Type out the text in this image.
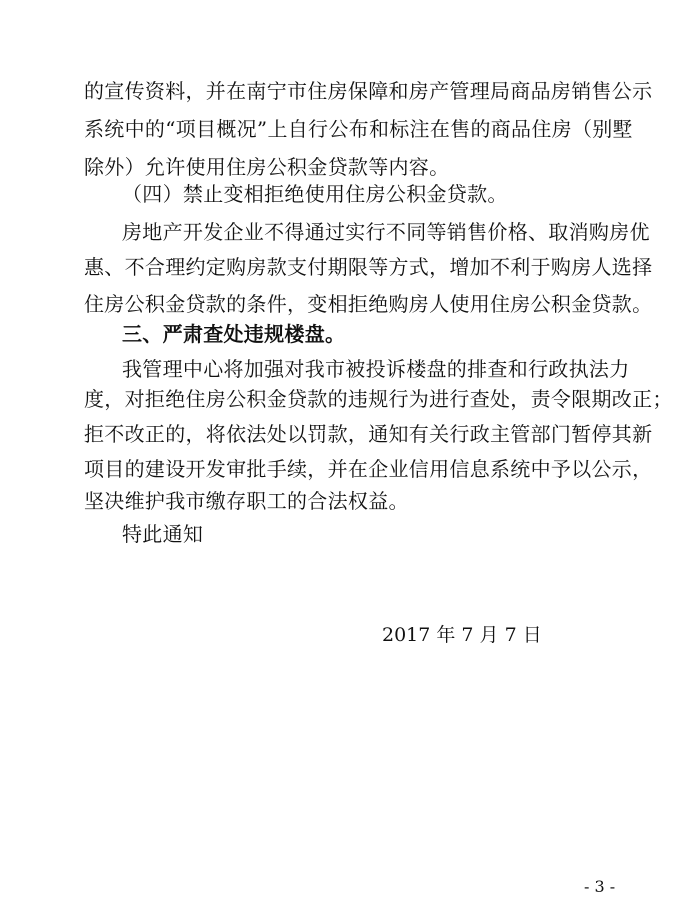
的宣传资料，并在南宁市住房保障和房产管理局商品房销售公示
系统中的“项目概况”上自行公布和标注在售的商品住房（别墅
除外）允许使用住房公积金贷款等内容。
（四）禁止变相拒绝使用住房公积金贷款。
房地产开发企业不得通过实行不同等销售价格、取消购房优
惠、不合理约定购房款支付期限等方式，增加不利于购房人选择
住房公积金贷款的条件，变相拒绝购房人使用住房公积金贷款。
三、严肃查处违规楼盘。
我管理中心将加强对我市被投诉楼盘的排查和行政执法力
度，对拒绝住房公积金贷款的违规行为进行查处，责令限期改正；
拒不改正的，将依法处以罚款，通知有关行政主管部门暂停其新
项目的建设开发审批手续，并在企业信用信息系统中予以公示，
坚决维护我市缴存职工的合法权益。
特此通知
2017 年 7 月 7 日
- 3 -
